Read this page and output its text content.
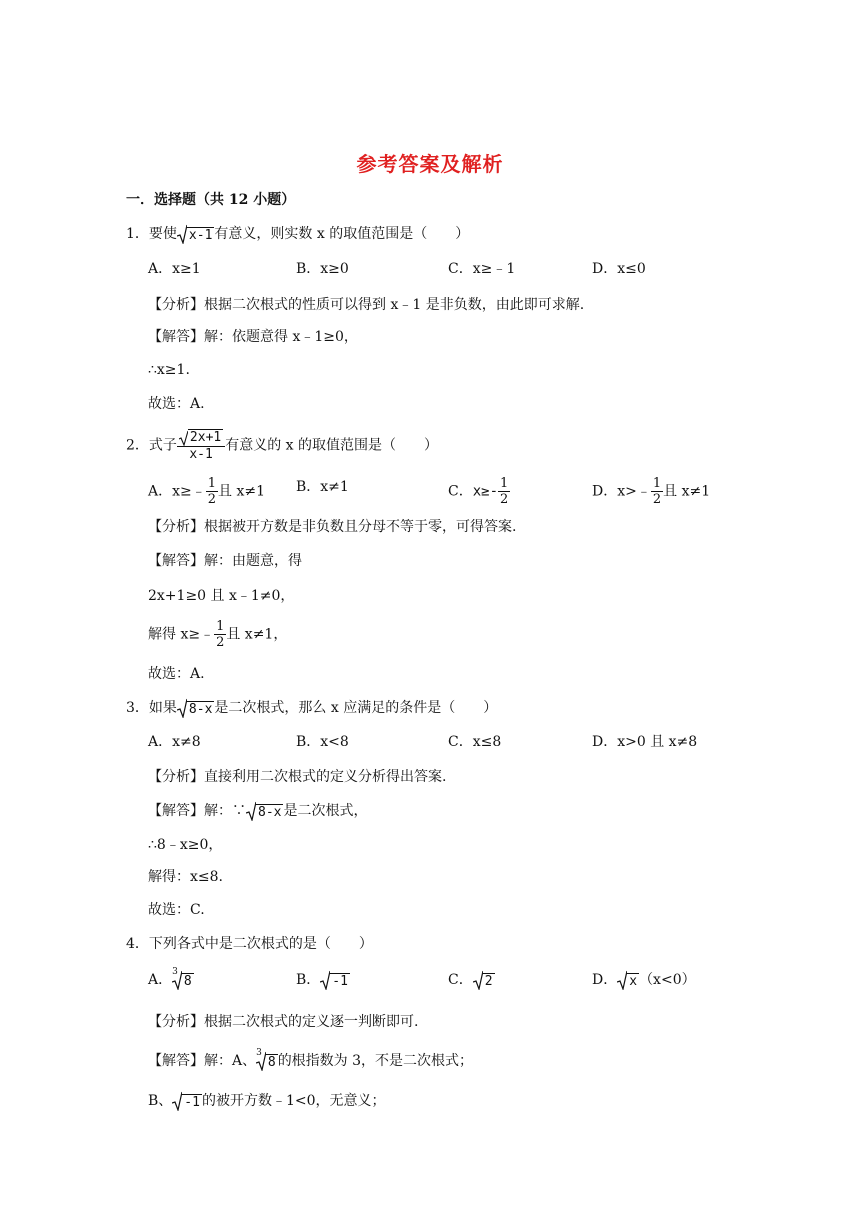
参考答案及解析
一．选择题（共 12 小题）
1．要使 x-1 有意义，则实数 x 的取值范围是（　　）
A．x≥1	B．x≥0	C．x≥﹣1	D．x≤0
【分析】根据二次根式的性质可以得到 x﹣1 是非负数，由此即可求解.
【解答】解：依题意得 x﹣1≥0，
∴x≥1.
故选：A.
2．式子 $\frac{2x+1}{x-1}$ 有意义的 x 的取值范围是（　　）
A．x≥﹣ $\frac{1}{2}$ 且 x≠1 B．x≠1	C．$x\ge- \frac{1}{2}$	D．x>﹣ $\frac{1}{2}$ 且 x≠1
【分析】根据被开方数是非负数且分母不等于零，可得答案.
【解答】解：由题意，得
2x+1≥0 且 x﹣1≠0，
解得 x≥﹣ $\frac{1}{2}$ 且 x≠1，
故选：A.
3．如果 8-x 是二次根式，那么 x 应满足的条件是（　　）
A．x≠8	B．x<8	C．x≤8	D．x>0 且 x≠8
【分析】直接利用二次根式的定义分析得出答案.
【解答】解：∵ 8-x 是二次根式，
∴8﹣x≥0，
解得：x≤8.
故选：C.
4．下列各式中是二次根式的是（　　）
A．$^3$
8	B． -1	C． 2	D． x （x<0）
【分析】根据二次根式的定义逐一判断即可.
【解答】解：A、$^3$
8 的根指数为 3，不是二次根式；
B、 -1 的被开方数﹣1<0，无意义；
